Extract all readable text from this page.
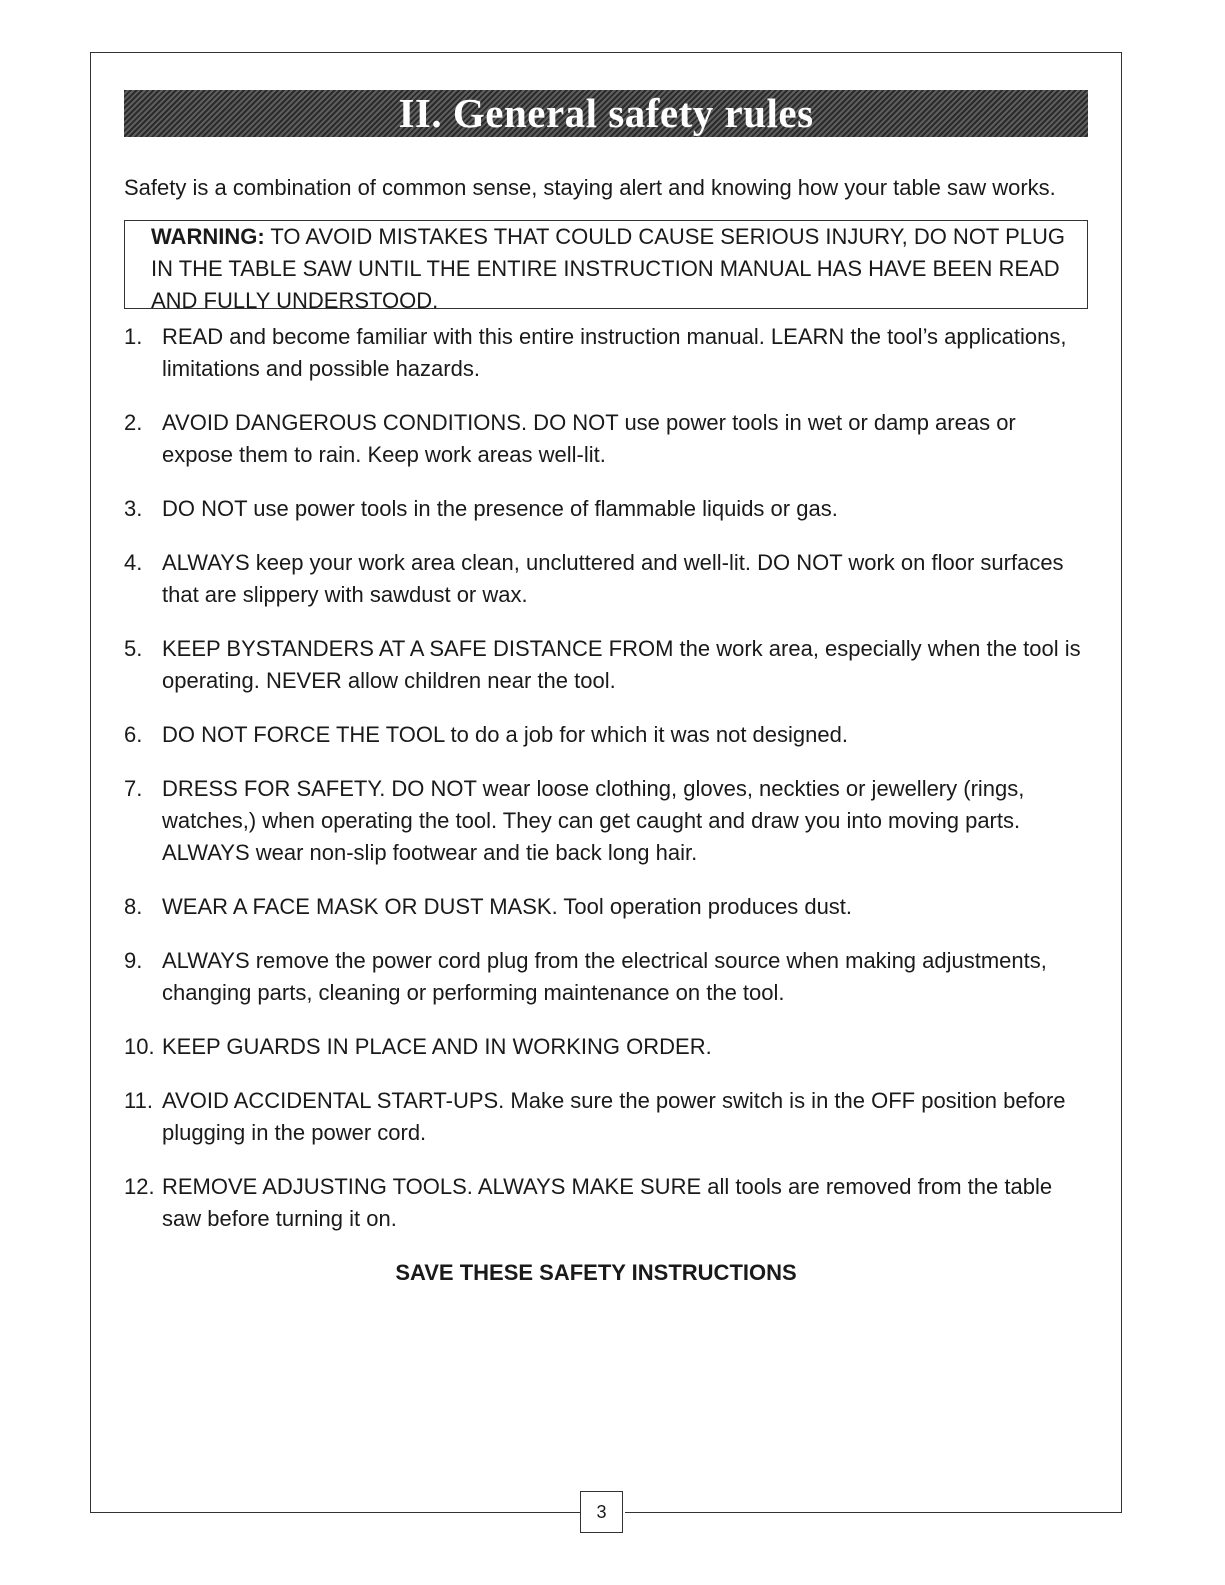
3
II. General safety rules

Safety is a combination of common sense, staying alert and knowing how your table saw works.

WARNING: TO AVOID MISTAKES THAT COULD CAUSE SERIOUS INJURY, DO NOT PLUG IN THE TABLE SAW UNTIL THE ENTIRE INSTRUCTION MANUAL HAS HAVE BEEN READ AND FULLY UNDERSTOOD.
1. READ and become familiar with this entire instruction manual. LEARN the tool’s applications, limitations and possible hazards.
2. AVOID DANGEROUS CONDITIONS. DO NOT use power tools in wet or damp areas or expose them to rain. Keep work areas well-lit.
3. DO NOT use power tools in the presence of flammable liquids or gas.
4. ALWAYS keep your work area clean, uncluttered and well-lit. DO NOT work on floor surfaces that are slippery with sawdust or wax.
5. KEEP BYSTANDERS AT A SAFE DISTANCE FROM the work area, especially when the tool is operating. NEVER allow children near the tool.
6. DO NOT FORCE THE TOOL to do a job for which it was not designed.
7. DRESS FOR SAFETY. DO NOT wear loose clothing, gloves, neckties or jewellery (rings, watches,) when operating the tool. They can get caught and draw you into moving parts. ALWAYS wear non-slip footwear and tie back long hair.
8. WEAR A FACE MASK OR DUST MASK. Tool operation produces dust.
9. ALWAYS remove the power cord plug from the electrical source when making adjustments, changing parts, cleaning or performing maintenance on the tool.
10. KEEP GUARDS IN PLACE AND IN WORKING ORDER.
11. AVOID ACCIDENTAL START-UPS. Make sure the power switch is in the OFF position before plugging in the power cord.
12. REMOVE ADJUSTING TOOLS. ALWAYS MAKE SURE all tools are removed from the table saw before turning it on.
SAVE THESE SAFETY INSTRUCTIONS
